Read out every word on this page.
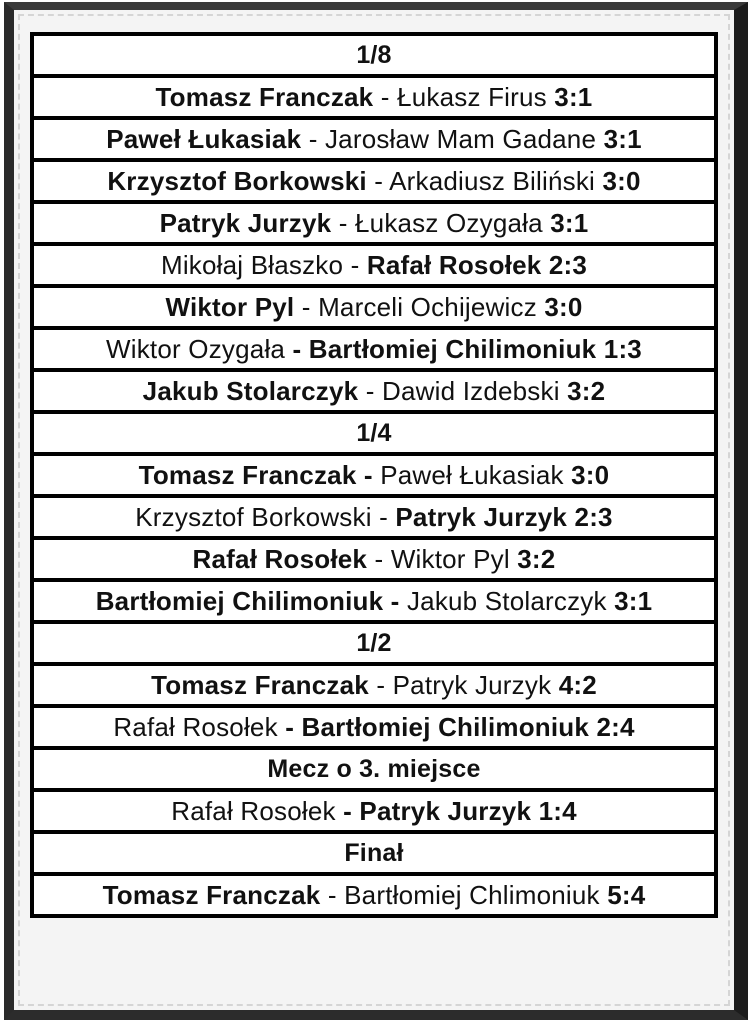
1/8
Tomasz Franczak - Łukasz Firus 3:1
Paweł Łukasiak - Jarosław Mam Gadane 3:1
Krzysztof Borkowski - Arkadiusz Biliński 3:0
Patryk Jurzyk - Łukasz Ozygała 3:1
Mikołaj Błaszko - Rafał Rosołek 2:3
Wiktor Pyl - Marceli Ochijewicz 3:0
Wiktor Ozygała - Bartłomiej Chilimoniuk 1:3
Jakub Stolarczyk - Dawid Izdebski 3:2
1/4
Tomasz Franczak - Paweł Łukasiak 3:0
Krzysztof Borkowski - Patryk Jurzyk 2:3
Rafał Rosołek - Wiktor Pyl 3:2
Bartłomiej Chilimoniuk - Jakub Stolarczyk 3:1
1/2
Tomasz Franczak - Patryk Jurzyk 4:2
Rafał Rosołek - Bartłomiej Chilimoniuk 2:4
Mecz o 3. miejsce
Rafał Rosołek - Patryk Jurzyk 1:4
Finał
Tomasz Franczak - Bartłomiej Chlimoniuk 5:4
